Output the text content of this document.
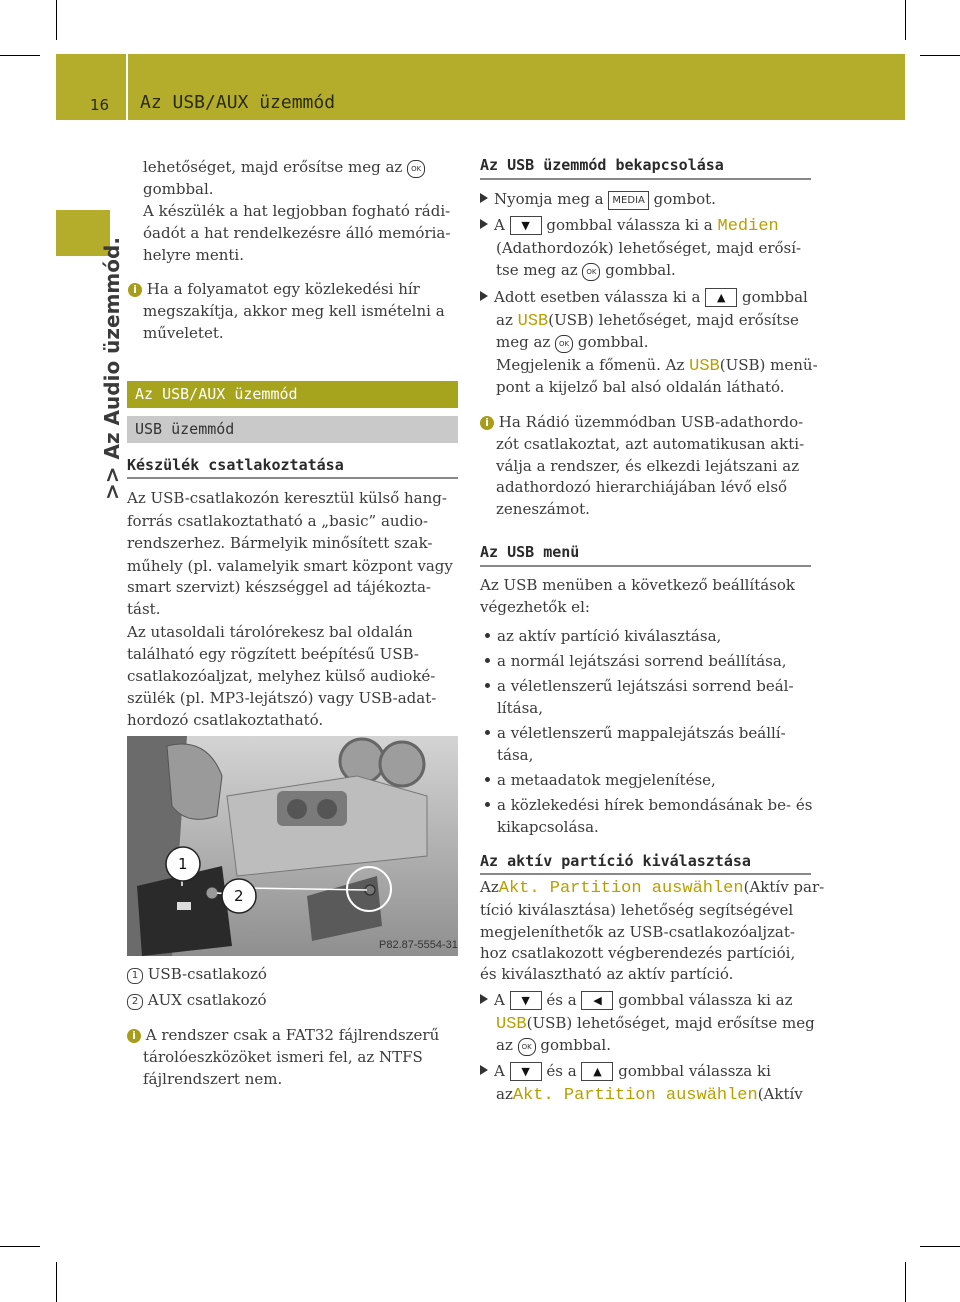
16 Az USB/AUX üzemmód
>> Az Audio üzemmód.
lehetőséget, majd erősítse meg az OK
gombbal.
A készülék a hat legjobban fogható rádi-
óadót a hat rendelkezésre álló memória-
helyre menti.
i Ha a folyamatot egy közlekedési hír
megszakítja, akkor meg kell ismételni a
műveletet.
Az USB/AUX üzemmód
USB üzemmód
Készülék csatlakoztatása
Az USB-csatlakozón keresztül külső hang-
forrás csatlakoztatható a „basic” audio-
rendszerhez. Bármelyik minősített szak-
műhely (pl. valamelyik smart központ vagy
smart szervizt) készséggel ad tájékozta-
tást.
Az utasoldali tárolórekesz bal oldalán
található egy rögzített beépítésű USB-
csatlakozóaljzat, melyhez külső audioké-
szülék (pl. MP3-lejátszó) vagy USB-adat-
hordozó csatlakoztatható.
1
2
P82.87-5554-31
1 USB-csatlakozó
2 AUX csatlakozó
i A rendszer csak a FAT32 fájlrendszerű
tárolóeszközöket ismeri fel, az NTFS
fájlrendszert nem.
Az USB üzemmód bekapcsolása
Nyomja meg a MEDIA gombot.
A ▼ gombbal válassza ki a Medien
(Adathordozók) lehetőséget, majd erősí-
tse meg az OK gombbal.
Adott esetben válassza ki a ▲ gombbal
az USB(USB) lehetőséget, majd erősítse
meg az OK gombbal.
Megjelenik a főmenü. Az USB(USB) menü-
pont a kijelző bal alsó oldalán látható.
i Ha Rádió üzemmódban USB-adathordo-
zót csatlakoztat, azt automatikusan akti-
válja a rendszer, és elkezdi lejátszani az
adathordozó hierarchiájában lévő első
zeneszámot.
Az USB menü
Az USB menüben a következő beállítások
végezhetők el:
az aktív partíció kiválasztása,
a normál lejátszási sorrend beállítása,
a véletlenszerű lejátszási sorrend beál-
lítása,
a véletlenszerű mappalejátszás beállí-
tása,
a metaadatok megjelenítése,
a közlekedési hírek bemondásának be- és
kikapcsolása.
Az aktív partíció kiválasztása
AzAkt. Partition auswählen(Aktív par-
tíció kiválasztása) lehetőség segítségével
megjeleníthetők az USB-csatlakozóaljzat-
hoz csatlakozott végberendezés partíciói,
és kiválasztható az aktív partíció.
A ▼ és a ◀ gombbal válassza ki az
USB(USB) lehetőséget, majd erősítse meg
az OK gombbal.
A ▼ és a ▲ gombbal válassza ki
azAkt. Partition auswählen(Aktív
